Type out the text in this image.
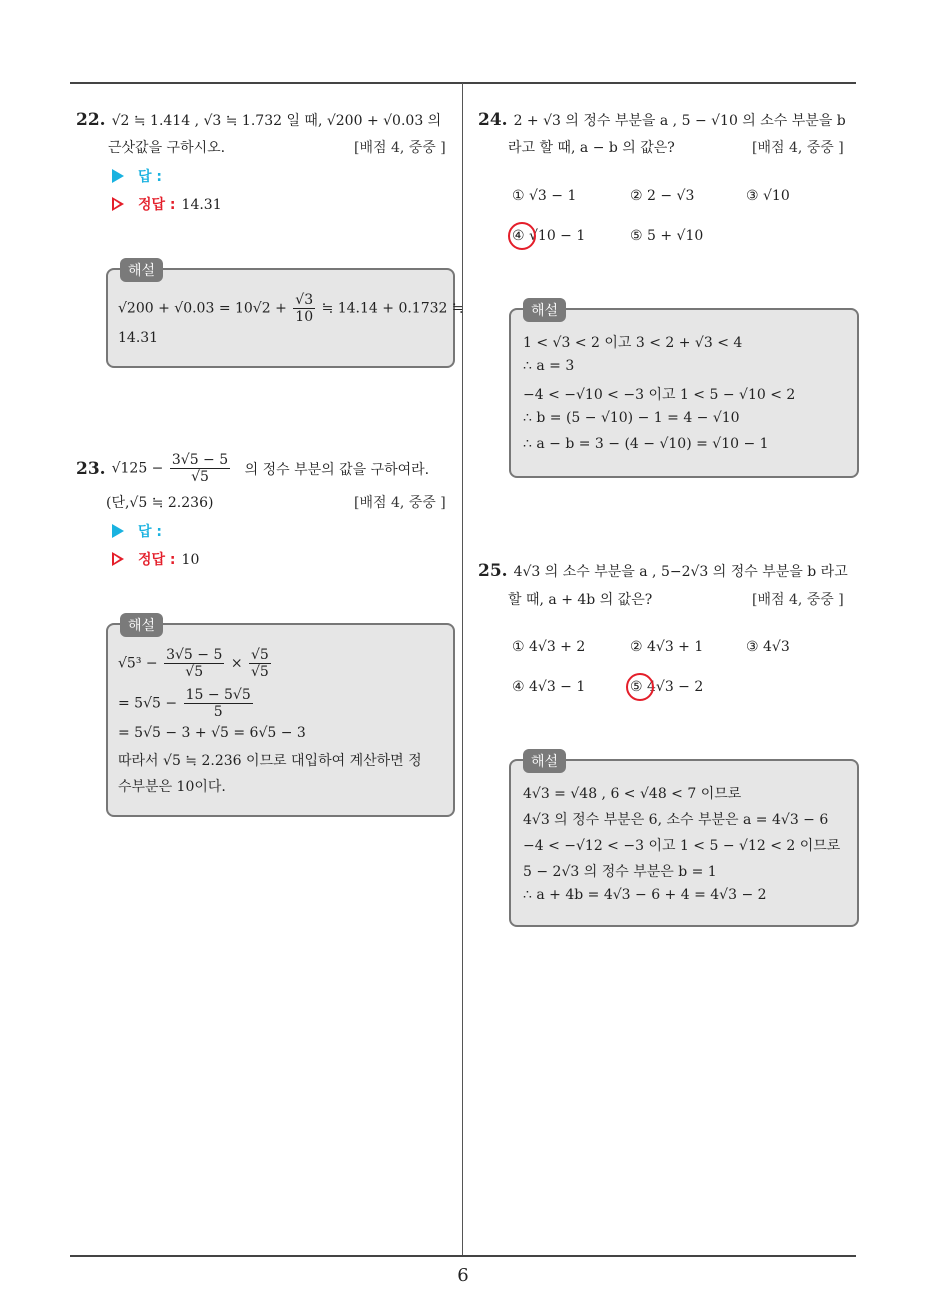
22. √2 ≒ 1.414 , √3 ≒ 1.732 일 때, √200 + √0.03 의
근삿값을 구하시오.	[배점 4, 중중 ]
답 :
정답 : 14.31
해설
$√200 + √0.03 = 10√2 + \frac{√3}{10}$ ≒ 14.14 + 0.1732 ≒
14.31
23. $√125 - \frac{3√5 - 5}{√5}$ 의 정수 부분의 값을 구하여라.
(단,√5 ≒ 2.236)	[배점 4, 중중 ]
답 :
정답 : 10
해설
$√5^3 - \frac{3√5 - 5}{√5} \times \frac{√5}{√5}$
= $5√5 - \frac{15 - 5√5}{5}$
= 5√5 − 3 + √5 = 6√5 − 3
따라서 √5 ≒ 2.236 이므로 대입하여 계산하면 정
수부분은 10이다.
24. 2 + √3 의 정수 부분을 a , 5 − √10 의 소수 부분을 b
라고 할 때, a − b 의 값은?	[배점 4, 중중 ]
① √3 − 1	② 2 − √3	③ √10
④ √10 − 1	⑤ 5 + √10
해설
1 < √3 < 2 이고 3 < 2 + √3 < 4
∴ a = 3
−4 < −√10 < −3 이고 1 < 5 − √10 < 2
∴ b = (5 − √10) − 1 = 4 − √10
∴ a − b = 3 − (4 − √10) = √10 − 1
25. 4√3 의 소수 부분을 a , 5−2√3 의 정수 부분을 b 라고
할 때, a + 4b 의 값은?	[배점 4, 중중 ]
① 4√3 + 2	② 4√3 + 1	③ 4√3
④ 4√3 − 1	⑤ 4√3 − 2
해설
4√3 = √48 , 6 < √48 < 7 이므로
4√3 의 정수 부분은 6, 소수 부분은 a = 4√3 − 6
−4 < −√12 < −3 이고 1 < 5 − √12 < 2 이므로
5 − 2√3 의 정수 부분은 b = 1
∴ a + 4b = 4√3 − 6 + 4 = 4√3 − 2
6
